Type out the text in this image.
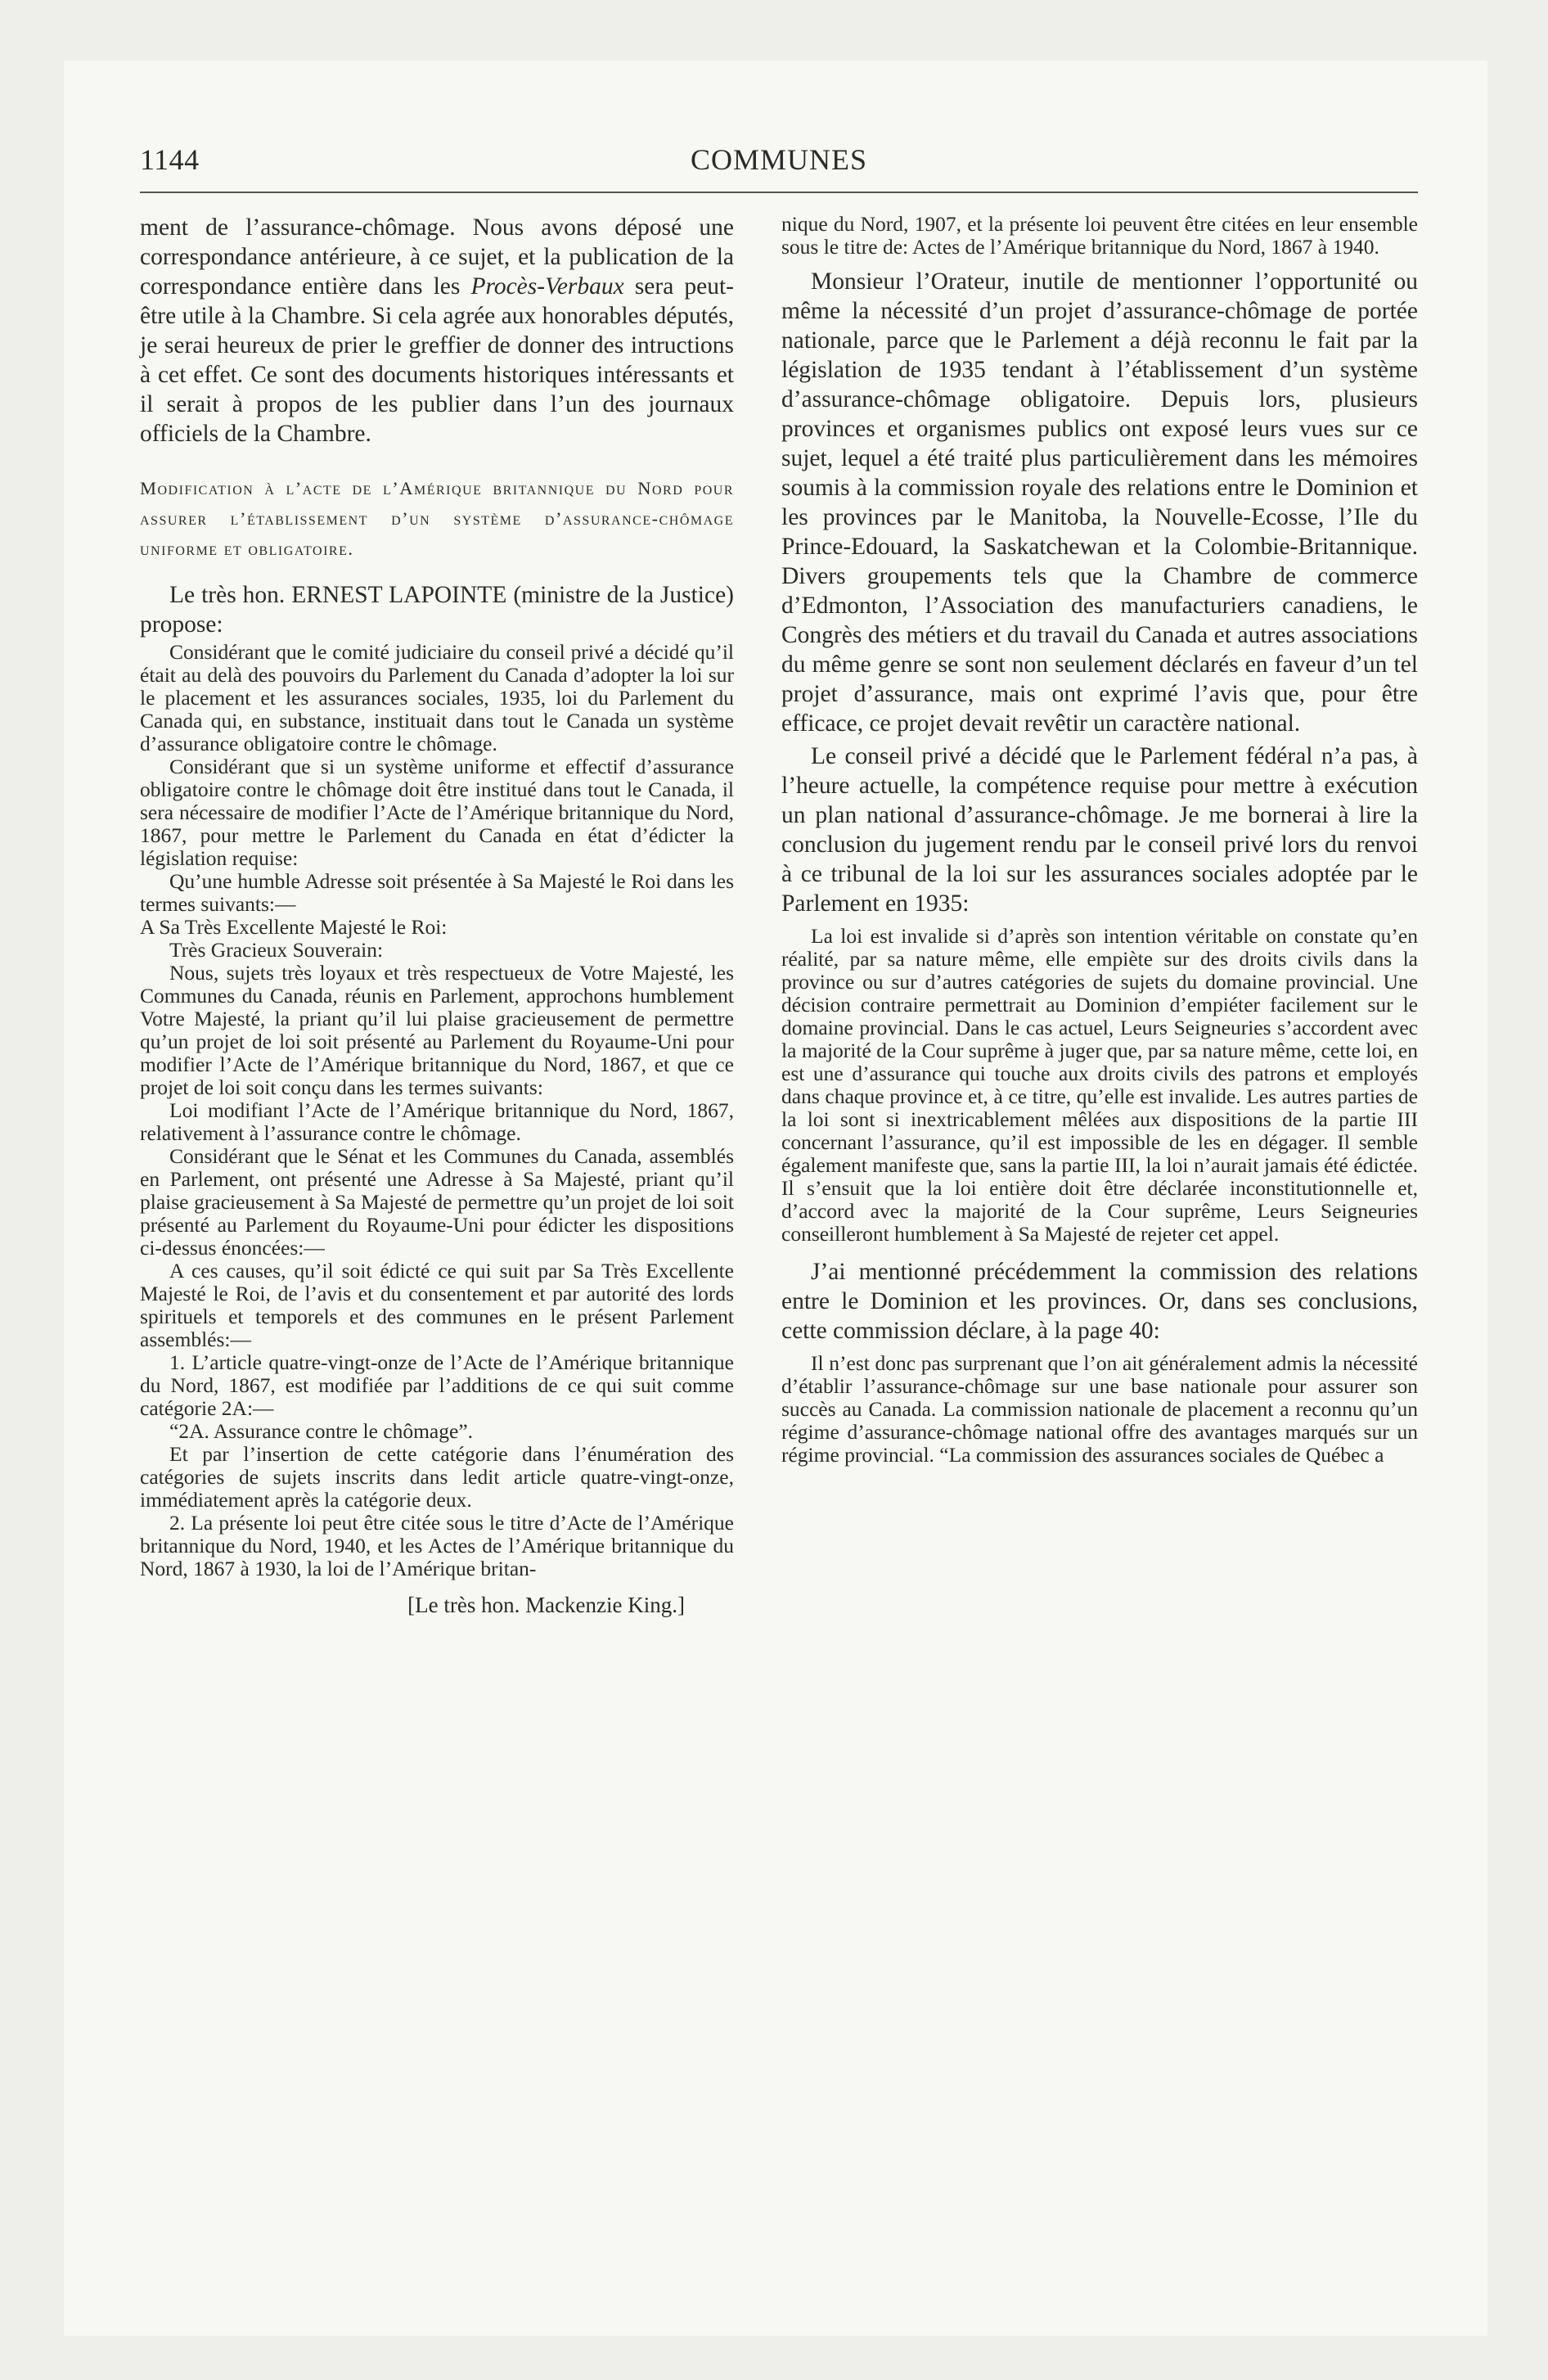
1144	COMMUNES

ment de l’assurance-chômage. Nous avons déposé une correspondance antérieure, à ce sujet, et la publication de la correspondance entière dans les Procès-Verbaux sera peut-être utile à la Chambre. Si cela agrée aux honorables députés, je serai heureux de prier le greffier de donner des intructions à cet effet. Ce sont des documents historiques intéressants et il serait à propos de les publier dans l’un des journaux officiels de la Chambre.

Modification à l’acte de l’Amérique britannique du Nord pour assurer l’établissement d’un système d’assurance-chômage uniforme et obligatoire.

Le très hon. ERNEST LAPOINTE (ministre de la Justice) propose:

Considérant que le comité judiciaire du conseil privé a décidé qu’il était au delà des pouvoirs du Parlement du Canada d’adopter la loi sur le placement et les assurances sociales, 1935, loi du Parlement du Canada qui, en substance, instituait dans tout le Canada un système d’assurance obligatoire contre le chômage.

Considérant que si un système uniforme et effectif d’assurance obligatoire contre le chômage doit être institué dans tout le Canada, il sera nécessaire de modifier l’Acte de l’Amérique britannique du Nord, 1867, pour mettre le Parlement du Canada en état d’édicter la législation requise:

Qu’une humble Adresse soit présentée à Sa Majesté le Roi dans les termes suivants:—

A Sa Très Excellente Majesté le Roi:

Très Gracieux Souverain:

Nous, sujets très loyaux et très respectueux de Votre Majesté, les Communes du Canada, réunis en Parlement, approchons humblement Votre Majesté, la priant qu’il lui plaise gracieusement de permettre qu’un projet de loi soit présenté au Parlement du Royaume-Uni pour modifier l’Acte de l’Amérique britannique du Nord, 1867, et que ce projet de loi soit conçu dans les termes suivants:

Loi modifiant l’Acte de l’Amérique britannique du Nord, 1867, relativement à l’assurance contre le chômage.

Considérant que le Sénat et les Communes du Canada, assemblés en Parlement, ont présenté une Adresse à Sa Majesté, priant qu’il plaise gracieusement à Sa Majesté de permettre qu’un projet de loi soit présenté au Parlement du Royaume-Uni pour édicter les dispositions ci-dessus énoncées:—

A ces causes, qu’il soit édicté ce qui suit par Sa Très Excellente Majesté le Roi, de l’avis et du consentement et par autorité des lords spirituels et temporels et des communes en le présent Parlement assemblés:—

1. L’article quatre-vingt-onze de l’Acte de l’Amérique britannique du Nord, 1867, est modifiée par l’additions de ce qui suit comme catégorie 2A:—

“2A. Assurance contre le chômage”.

Et par l’insertion de cette catégorie dans l’énumération des catégories de sujets inscrits dans ledit article quatre-vingt-onze, immédiatement après la catégorie deux.

2. La présente loi peut être citée sous le titre d’Acte de l’Amérique britannique du Nord, 1940, et les Actes de l’Amérique britannique du Nord, 1867 à 1930, la loi de l’Amérique britan-

[Le très hon. Mackenzie King.]

nique du Nord, 1907, et la présente loi peuvent être citées en leur ensemble sous le titre de: Actes de l’Amérique britannique du Nord, 1867 à 1940.

Monsieur l’Orateur, inutile de mentionner l’opportunité ou même la nécessité d’un projet d’assurance-chômage de portée nationale, parce que le Parlement a déjà reconnu le fait par la législation de 1935 tendant à l’établissement d’un système d’assurance-chômage obligatoire. Depuis lors, plusieurs provinces et organismes publics ont exposé leurs vues sur ce sujet, lequel a été traité plus particulièrement dans les mémoires soumis à la commission royale des relations entre le Dominion et les provinces par le Manitoba, la Nouvelle-Ecosse, l’Ile du Prince-Edouard, la Saskatchewan et la Colombie-Britannique. Divers groupements tels que la Chambre de commerce d’Edmonton, l’Association des manufacturiers canadiens, le Congrès des métiers et du travail du Canada et autres associations du même genre se sont non seulement déclarés en faveur d’un tel projet d’assurance, mais ont exprimé l’avis que, pour être efficace, ce projet devait revêtir un caractère national.

Le conseil privé a décidé que le Parlement fédéral n’a pas, à l’heure actuelle, la compétence requise pour mettre à exécution un plan national d’assurance-chômage. Je me bornerai à lire la conclusion du jugement rendu par le conseil privé lors du renvoi à ce tribunal de la loi sur les assurances sociales adoptée par le Parlement en 1935:

La loi est invalide si d’après son intention véritable on constate qu’en réalité, par sa nature même, elle empiète sur des droits civils dans la province ou sur d’autres catégories de sujets du domaine provincial. Une décision contraire permettrait au Dominion d’empiéter facilement sur le domaine provincial. Dans le cas actuel, Leurs Seigneuries s’accordent avec la majorité de la Cour suprême à juger que, par sa nature même, cette loi, en est une d’assurance qui touche aux droits civils des patrons et employés dans chaque province et, à ce titre, qu’elle est invalide. Les autres parties de la loi sont si inextricablement mêlées aux dispositions de la partie III concernant l’assurance, qu’il est impossible de les en dégager. Il semble également manifeste que, sans la partie III, la loi n’aurait jamais été édictée. Il s’ensuit que la loi entière doit être déclarée inconstitutionnelle et, d’accord avec la majorité de la Cour suprême, Leurs Seigneuries conseilleront humblement à Sa Majesté de rejeter cet appel.

J’ai mentionné précédemment la commission des relations entre le Dominion et les provinces. Or, dans ses conclusions, cette commission déclare, à la page 40:

Il n’est donc pas surprenant que l’on ait généralement admis la nécessité d’établir l’assurance-chômage sur une base nationale pour assurer son succès au Canada. La commission nationale de placement a reconnu qu’un régime d’assurance-chômage national offre des avantages marqués sur un régime provincial. “La commission des assurances sociales de Québec a
